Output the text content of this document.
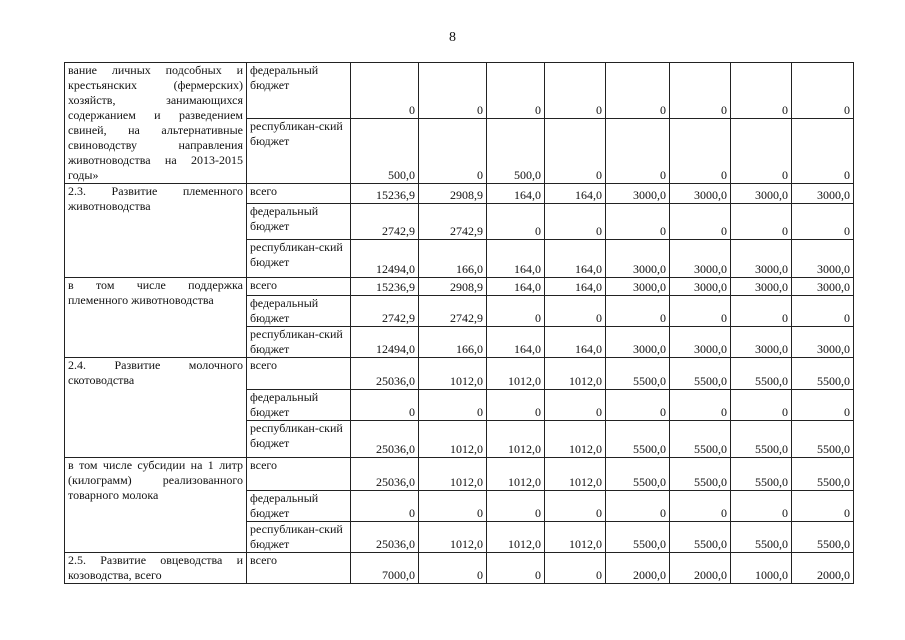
8
вание личных подсобных и крестьянских (фермерских) хозяйств, занимающихся содержанием и разведением свиней, на альтернативные свиноводству направления животноводства на 2013-2015 годы»	федеральный бюджет	0	0	0	0	0	0	0	0
	республикан-ский бюджет	500,0	0	500,0	0	0	0	0	0
2.3. Развитие племенного животноводства	всего	15236,9	2908,9	164,0	164,0	3000,0	3000,0	3000,0	3000,0
	федеральный бюджет	2742,9	2742,9	0	0	0	0	0	0
	республикан-ский бюджет	12494,0	166,0	164,0	164,0	3000,0	3000,0	3000,0	3000,0
в том числе поддержка племенного животноводства	всего	15236,9	2908,9	164,0	164,0	3000,0	3000,0	3000,0	3000,0
	федеральный бюджет	2742,9	2742,9	0	0	0	0	0	0
	республикан-ский бюджет	12494,0	166,0	164,0	164,0	3000,0	3000,0	3000,0	3000,0
2.4. Развитие молочного скотоводства	всего	25036,0	1012,0	1012,0	1012,0	5500,0	5500,0	5500,0	5500,0
	федеральный бюджет	0	0	0	0	0	0	0	0
	республикан-ский бюджет	25036,0	1012,0	1012,0	1012,0	5500,0	5500,0	5500,0	5500,0
в том числе субсидии на 1 литр (килограмм) реализованного товарного молока	всего	25036,0	1012,0	1012,0	1012,0	5500,0	5500,0	5500,0	5500,0
	федеральный бюджет	0	0	0	0	0	0	0	0
	республикан-ский бюджет	25036,0	1012,0	1012,0	1012,0	5500,0	5500,0	5500,0	5500,0
2.5. Развитие овцеводства и козоводства, всего	всего	7000,0	0	0	0	2000,0	2000,0	1000,0	2000,0
